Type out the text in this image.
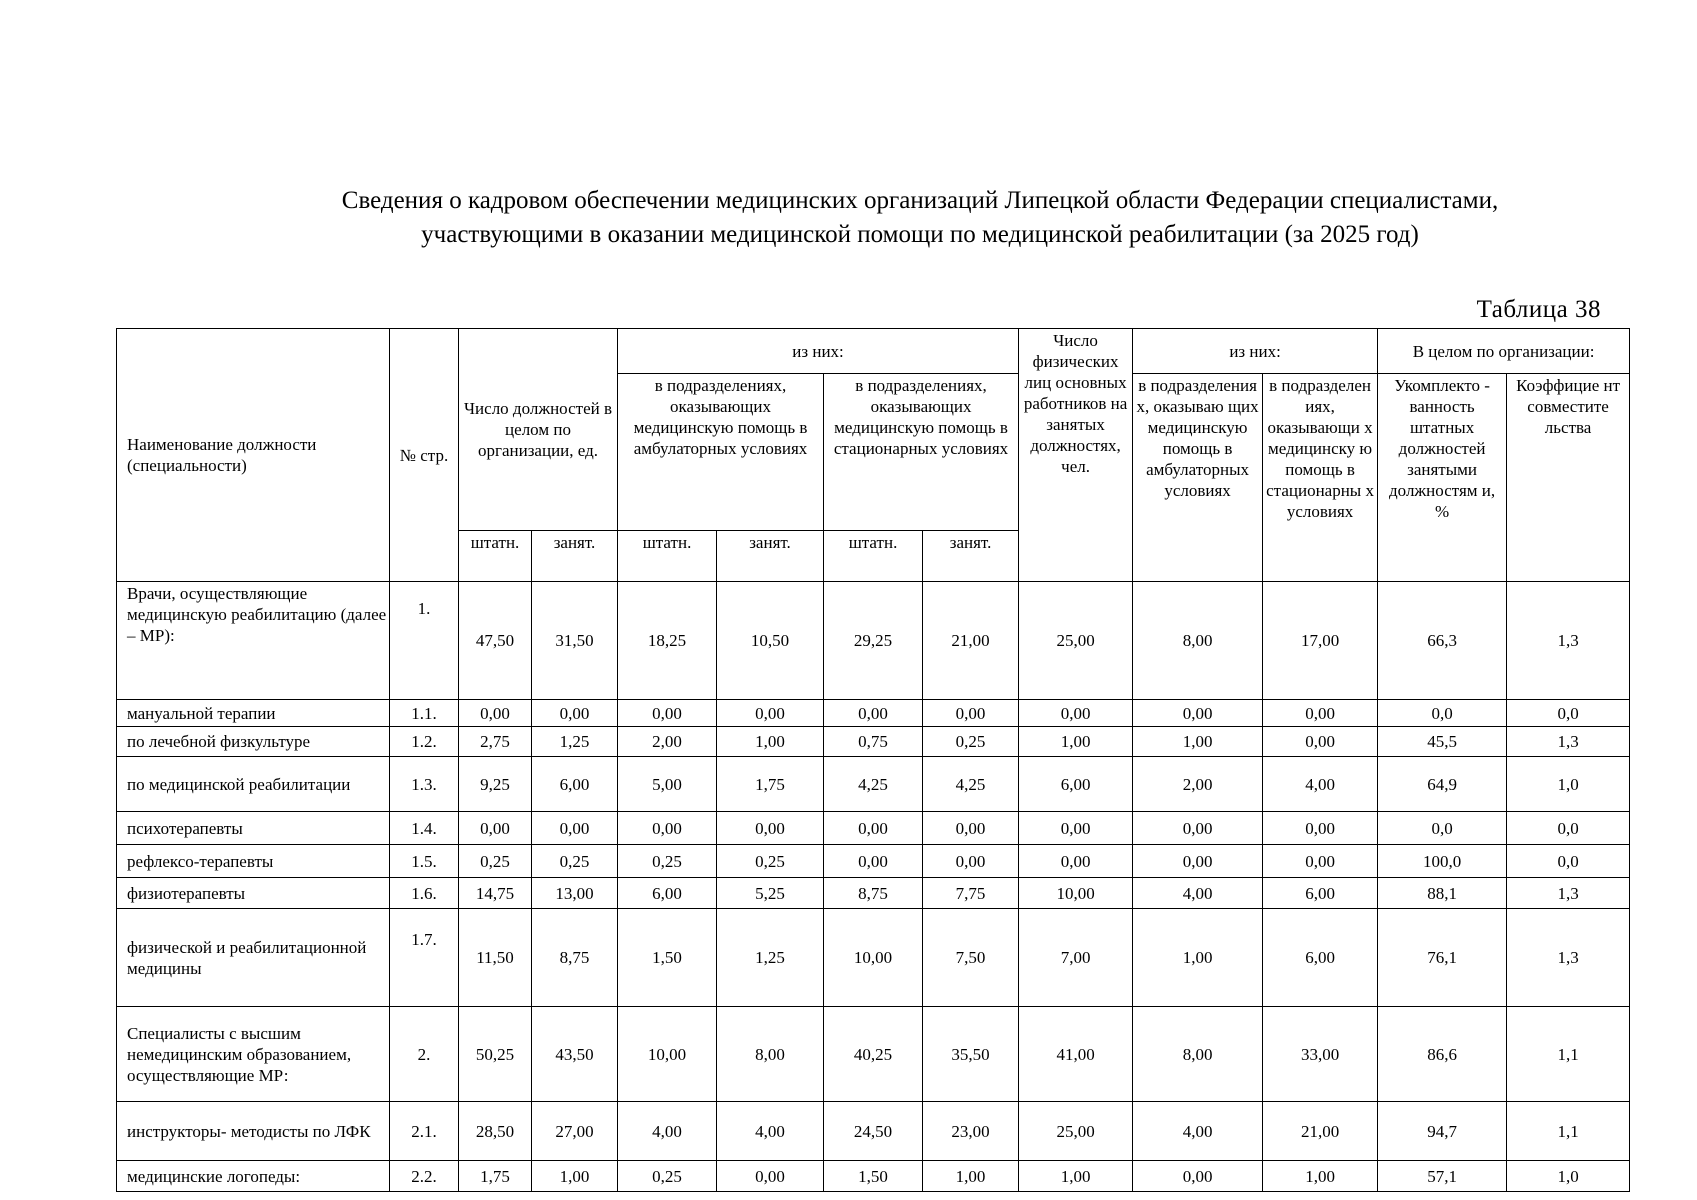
Сведения о кадровом обеспечении медицинских организаций Липецкой области Федерации специалистами,
участвующими в оказании медицинской помощи по медицинской реабилитации (за 2025 год)
Таблица 38
Наименование должности (специальности)	№ стр.	Число должностей в целом по организации, ед.		из них:				Число физических лиц основных работников на занятых должностях, чел.	из них:		В целом по организации:	
				в подразделениях, оказывающих медицинскую помощь в амбулаторных условиях		в подразделениях, оказывающих медицинскую помощь в стационарных условиях			в подразделения х, оказываю щих медицинскую помощь в амбулаторных условиях	в подразделен иях, оказывающи х медицинску ю помощь в стационарны х условиях	Укомплекто - ванность штатных должностей занятыми должностям и, %	Коэффицие нт совместите льства
		штатн.	занят.	штатн.	занят.	штатн.	занят.					
Врачи, осуществляющие медицинскую реабилитацию (далее – МР):	1.	47,50	31,50	18,25	10,50	29,25	21,00	25,00	8,00	17,00	66,3	1,3
мануальной терапии	1.1.	0,00	0,00	0,00	0,00	0,00	0,00	0,00	0,00	0,00	0,0	0,0
по лечебной физкультуре	1.2.	2,75	1,25	2,00	1,00	0,75	0,25	1,00	1,00	0,00	45,5	1,3
по медицинской реабилитации	1.3.	9,25	6,00	5,00	1,75	4,25	4,25	6,00	2,00	4,00	64,9	1,0
психотерапевты	1.4.	0,00	0,00	0,00	0,00	0,00	0,00	0,00	0,00	0,00	0,0	0,0
рефлексо-терапевты	1.5.	0,25	0,25	0,25	0,25	0,00	0,00	0,00	0,00	0,00	100,0	0,0
физиотерапевты	1.6.	14,75	13,00	6,00	5,25	8,75	7,75	10,00	4,00	6,00	88,1	1,3
физической и реабилитационной медицины	1.7.	11,50	8,75	1,50	1,25	10,00	7,50	7,00	1,00	6,00	76,1	1,3
Специалисты с высшим немедицинским образованием, осуществляющие МР:	2.	50,25	43,50	10,00	8,00	40,25	35,50	41,00	8,00	33,00	86,6	1,1
инструкторы- методисты по ЛФК	2.1.	28,50	27,00	4,00	4,00	24,50	23,00	25,00	4,00	21,00	94,7	1,1
медицинские логопеды:	2.2.	1,75	1,00	0,25	0,00	1,50	1,00	1,00	0,00	1,00	57,1	1,0
